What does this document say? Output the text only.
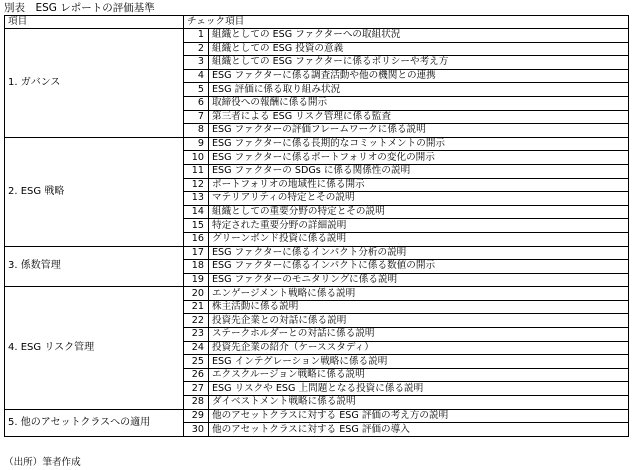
別表　ESG レポートの評価基準
項目	チェック項目	
1. ガバンス	1	組織としての ESG ファクターへの取組状況
	2	組織としての ESG 投資の意義
	3	組織としての ESG ファクターに係るポリシーや考え方
	4	ESG ファクターに係る調査活動や他の機関との連携
	5	ESG 評価に係る取り組み状況
	6	取締役への報酬に係る開示
	7	第三者による ESG リスク管理に係る監査
	8	ESG ファクターの評価フレームワークに係る説明
2. ESG 戦略	9	ESG ファクターに係る長期的なコミットメントの開示
	10	ESG ファクターに係るポートフォリオの変化の開示
	11	ESG ファクターの SDGs に係る関係性の説明
	12	ポートフォリオの地域性に係る開示
	13	マテリアリティの特定とその説明
	14	組織としての重要分野の特定とその説明
	15	特定された重要分野の詳細説明
	16	グリーンボンド投資に係る説明
3. 係数管理	17	ESG ファクターに係るインパクト分析の説明
	18	ESG ファクターに係るインパクトに係る数値の開示
	19	ESG ファクターのモニタリングに係る説明
4. ESG リスク管理	20	エンゲージメント戦略に係る説明
	21	株主活動に係る説明
	22	投資先企業との対話に係る説明
	23	ステークホルダーとの対話に係る説明
	24	投資先企業の紹介（ケーススタディ）
	25	ESG インテグレーション戦略に係る説明
	26	エクスクルージョン戦略に係る説明
	27	ESG リスクや ESG 上問題となる投資に係る説明
	28	ダイベストメント戦略に係る説明
5. 他のアセットクラスへの適用	29	他のアセットクラスに対する ESG 評価の考え方の説明
	30	他のアセットクラスに対する ESG 評価の導入
（出所）筆者作成
